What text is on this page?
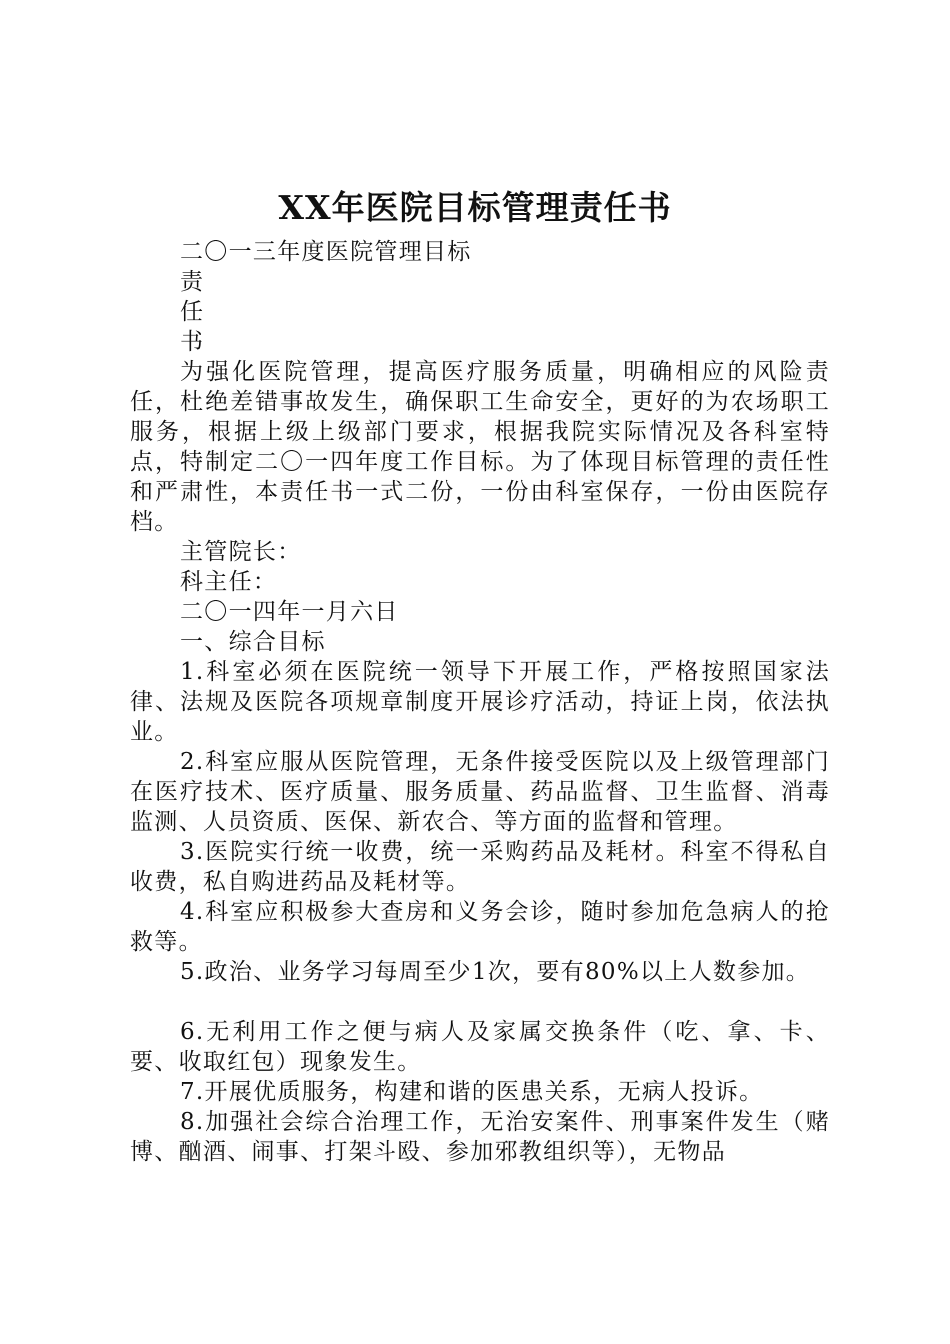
XX年医院目标管理责任书

二〇一三年度医院管理目标

责

任

书

为强化医院管理，提高医疗服务质量，明确相应的风险责任，杜绝差错事故发生，确保职工生命安全，更好的为农场职工服务，根据上级上级部门要求，根据我院实际情况及各科室特点，特制定二〇一四年度工作目标。为了体现目标管理的责任性和严肃性，本责任书一式二份，一份由科室保存，一份由医院存档。

主管院长：

科主任：

二〇一四年一月六日

一、综合目标

1.科室必须在医院统一领导下开展工作，严格按照国家法律、法规及医院各项规章制度开展诊疗活动，持证上岗，依法执业。

2.科室应服从医院管理，无条件接受医院以及上级管理部门在医疗技术、医疗质量、服务质量、药品监督、卫生监督、消毒监测、人员资质、医保、新农合、等方面的监督和管理。

3.医院实行统一收费，统一采购药品及耗材。科室不得私自收费，私自购进药品及耗材等。

4.科室应积极参大查房和义务会诊，随时参加危急病人的抢救等。

5.政治、业务学习每周至少1次，要有80%以上人数参加。

6.无利用工作之便与病人及家属交换条件（吃、拿、卡、要、收取红包）现象发生。

7.开展优质服务，构建和谐的医患关系，无病人投诉。

8.加强社会综合治理工作，无治安案件、刑事案件发生（赌博、酗酒、闹事、打架斗殴、参加邪教组织等），无物品
